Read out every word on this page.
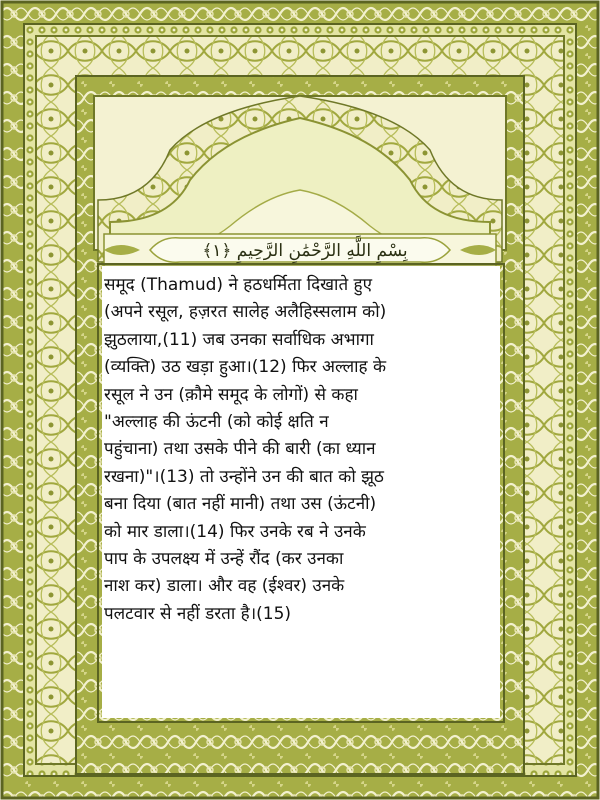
بِسْمِ اللَّهِ الرَّحْمَٰنِ الرَّحِيمِ ﴿١﴾

समूद (Thamud) ने हठधर्मिता दिखाते हुए
(अपने रसूल, हज़रत सालेह अलैहिस्सलाम को)
झुठलाया,(11) जब उनका सर्वाधिक अभागा
(व्यक्ति) उठ खड़ा हुआ।(12) फिर अल्लाह के
रसूल ने उन (क़ौमे समूद के लोगों) से कहा
"अल्लाह की ऊंटनी (को कोई क्षति न
पहुंचाना) तथा उसके पीने की बारी (का ध्यान
रखना)"।(13) तो उन्होंने उन की बात को झूठ
बना दिया (बात नहीं मानी) तथा उस (ऊंटनी)
को मार डाला।(14) फिर उनके रब ने उनके
पाप के उपलक्ष्य में उन्हें रौंद (कर उनका
नाश कर) डाला। और वह (ईश्वर) उनके
पलटवार से नहीं डरता है।(15)
